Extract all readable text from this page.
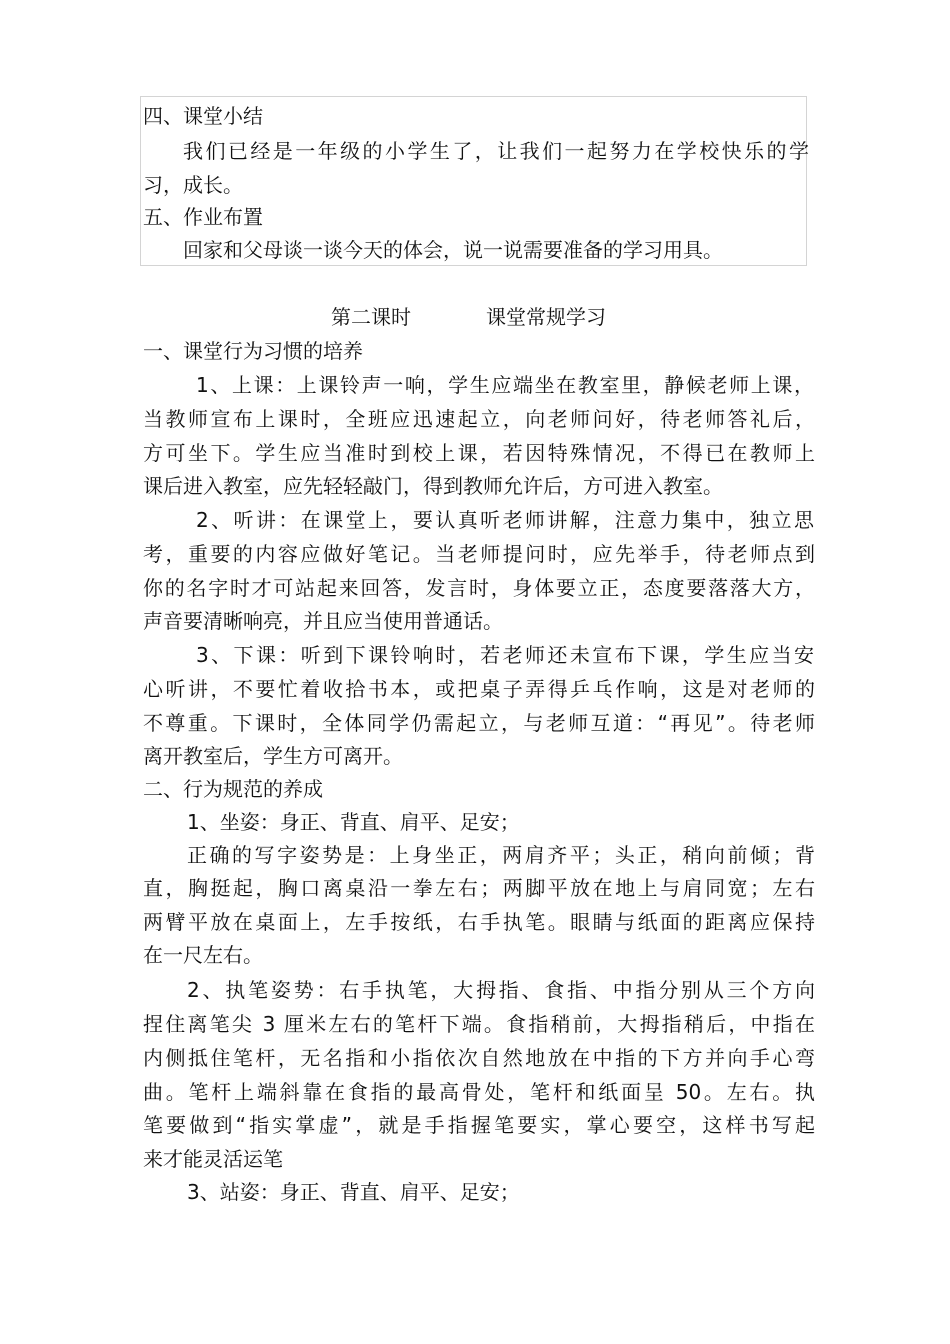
四、课堂小结
我们已经是一年级的小学生了，让我们一起努力在学校快乐的学
习，成长。
五、作业布置
回家和父母谈一谈今天的体会，说一说需要准备的学习用具。
第二课时	课堂常规学习
一、课堂行为习惯的培养
1、上课：上课铃声一响，学生应端坐在教室里，静候老师上课，
当教师宣布上课时，全班应迅速起立，向老师问好，待老师答礼后，
方可坐下。学生应当准时到校上课，若因特殊情况，不得已在教师上
课后进入教室，应先轻轻敲门，得到教师允许后，方可进入教室。
2、听讲：在课堂上，要认真听老师讲解，注意力集中，独立思
考，重要的内容应做好笔记。当老师提问时，应先举手，待老师点到
你的名字时才可站起来回答，发言时，身体要立正，态度要落落大方，
声音要清晰响亮，并且应当使用普通话。
3、下课：听到下课铃响时，若老师还未宣布下课，学生应当安
心听讲，不要忙着收拾书本，或把桌子弄得乒乓作响，这是对老师的
不尊重。下课时，全体同学仍需起立，与老师互道：“再见”。待老师
离开教室后，学生方可离开。
二、行为规范的养成
1、坐姿：身正、背直、肩平、足安；
正确的写字姿势是：上身坐正，两肩齐平；头正，稍向前倾；背
直，胸挺起，胸口离桌沿一拳左右；两脚平放在地上与肩同宽；左右
两臂平放在桌面上，左手按纸，右手执笔。眼睛与纸面的距离应保持
在一尺左右。
2、执笔姿势：右手执笔，大拇指、食指、中指分别从三个方向
捏住离笔尖 3 厘米左右的笔杆下端。食指稍前，大拇指稍后，中指在
内侧抵住笔杆，无名指和小指依次自然地放在中指的下方并向手心弯
曲。笔杆上端斜靠在食指的最高骨处，笔杆和纸面呈 50。左右。执
笔要做到“指实掌虚”，就是手指握笔要实，掌心要空，这样书写起
来才能灵活运笔
3、站姿：身正、背直、肩平、足安；
